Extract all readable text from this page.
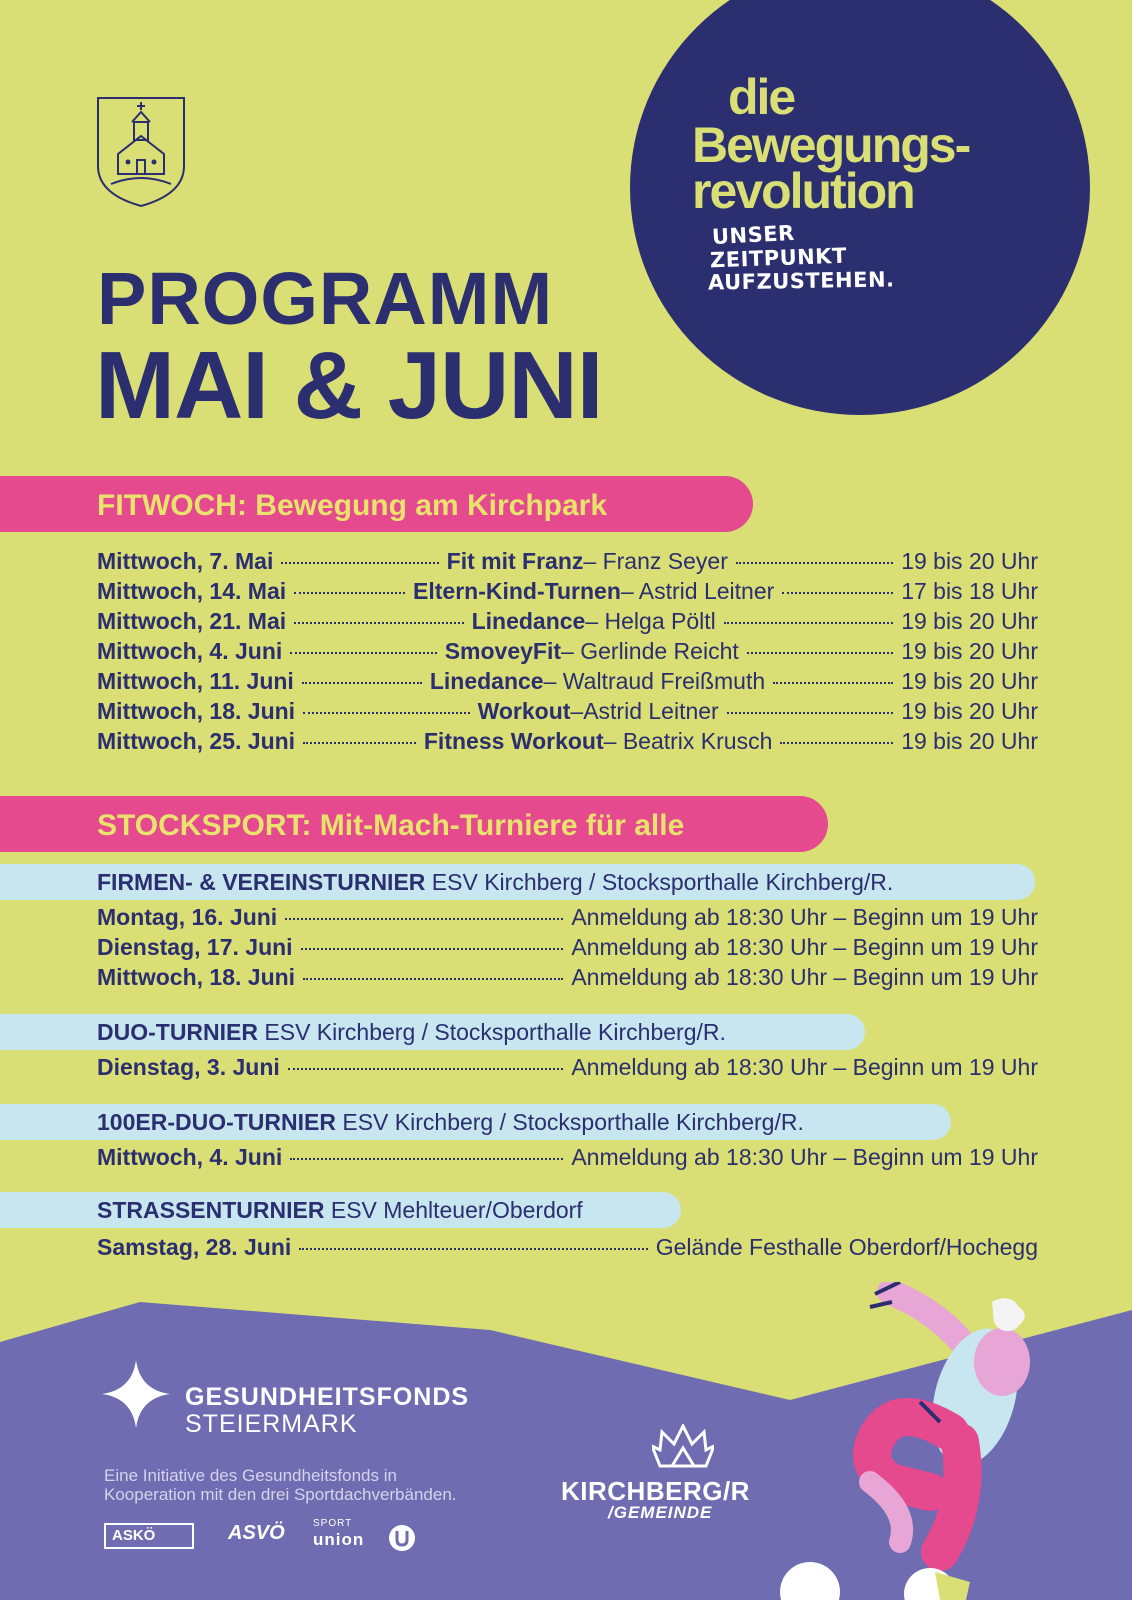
die
Bewegungs-
revolution
UNSER
ZEITPUNKT
AUFZUSTEHEN.
PROGRAMM
MAI & JUNI
FITWOCH: Bewegung am Kirchpark
Mittwoch, 7. Mai	Fit mit Franz – Franz Seyer	19 bis 20 Uhr
Mittwoch, 14. Mai	Eltern-Kind-Turnen – Astrid Leitner	17 bis 18 Uhr
Mittwoch, 21. Mai	Linedance – Helga Pöltl	19 bis 20 Uhr
Mittwoch, 4. Juni	SmoveyFit – Gerlinde Reicht	19 bis 20 Uhr
Mittwoch, 11. Juni	Linedance – Waltraud Freißmuth	19 bis 20 Uhr
Mittwoch, 18. Juni	Workout –Astrid Leitner	19 bis 20 Uhr
Mittwoch, 25. Juni	Fitness Workout – Beatrix Krusch	19 bis 20 Uhr
STOCKSPORT: Mit-Mach-Turniere für alle
FIRMEN- & VEREINSTURNIER ESV Kirchberg / Stocksporthalle Kirchberg/R.
Montag, 16. Juni	Anmeldung ab 18:30 Uhr – Beginn um 19 Uhr
Dienstag, 17. Juni	Anmeldung ab 18:30 Uhr – Beginn um 19 Uhr
Mittwoch, 18. Juni	Anmeldung ab 18:30 Uhr – Beginn um 19 Uhr
DUO-TURNIER ESV Kirchberg / Stocksporthalle Kirchberg/R.
Dienstag, 3. Juni	Anmeldung ab 18:30 Uhr – Beginn um 19 Uhr
100ER-DUO-TURNIER ESV Kirchberg / Stocksporthalle Kirchberg/R.
Mittwoch, 4. Juni	Anmeldung ab 18:30 Uhr – Beginn um 19 Uhr
STRASSENTURNIER ESV Mehlteuer/Oberdorf
Samstag, 28. Juni	Gelände Festhalle Oberdorf/Hochegg
GESUNDHEITSFONDS
STEIERMARK
Eine Initiative des Gesundheitsfonds in
Kooperation mit den drei Sportdachverbänden.	KIRCHBERG/R
/GEMEINDE
ASKÖ	ASVÖ	SPORT
union
